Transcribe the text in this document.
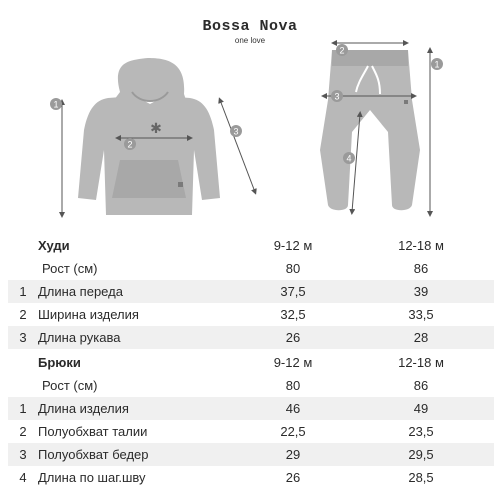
✱
1
2
3
1
2
3
4
Bossa Nova
one love
	Худи	9-12 м	12-18 м
	Рост (см)	80	86
1	Длина переда	37,5	39
2	Ширина изделия	32,5	33,5
3	Длина рукава	26	28
	Брюки	9-12 м	12-18 м
	Рост (см)	80	86
1	Длина изделия	46	49
2	Полуобхват талии	22,5	23,5
3	Полуобхват бедер	29	29,5
4	Длина по шаг.шву	26	28,5
